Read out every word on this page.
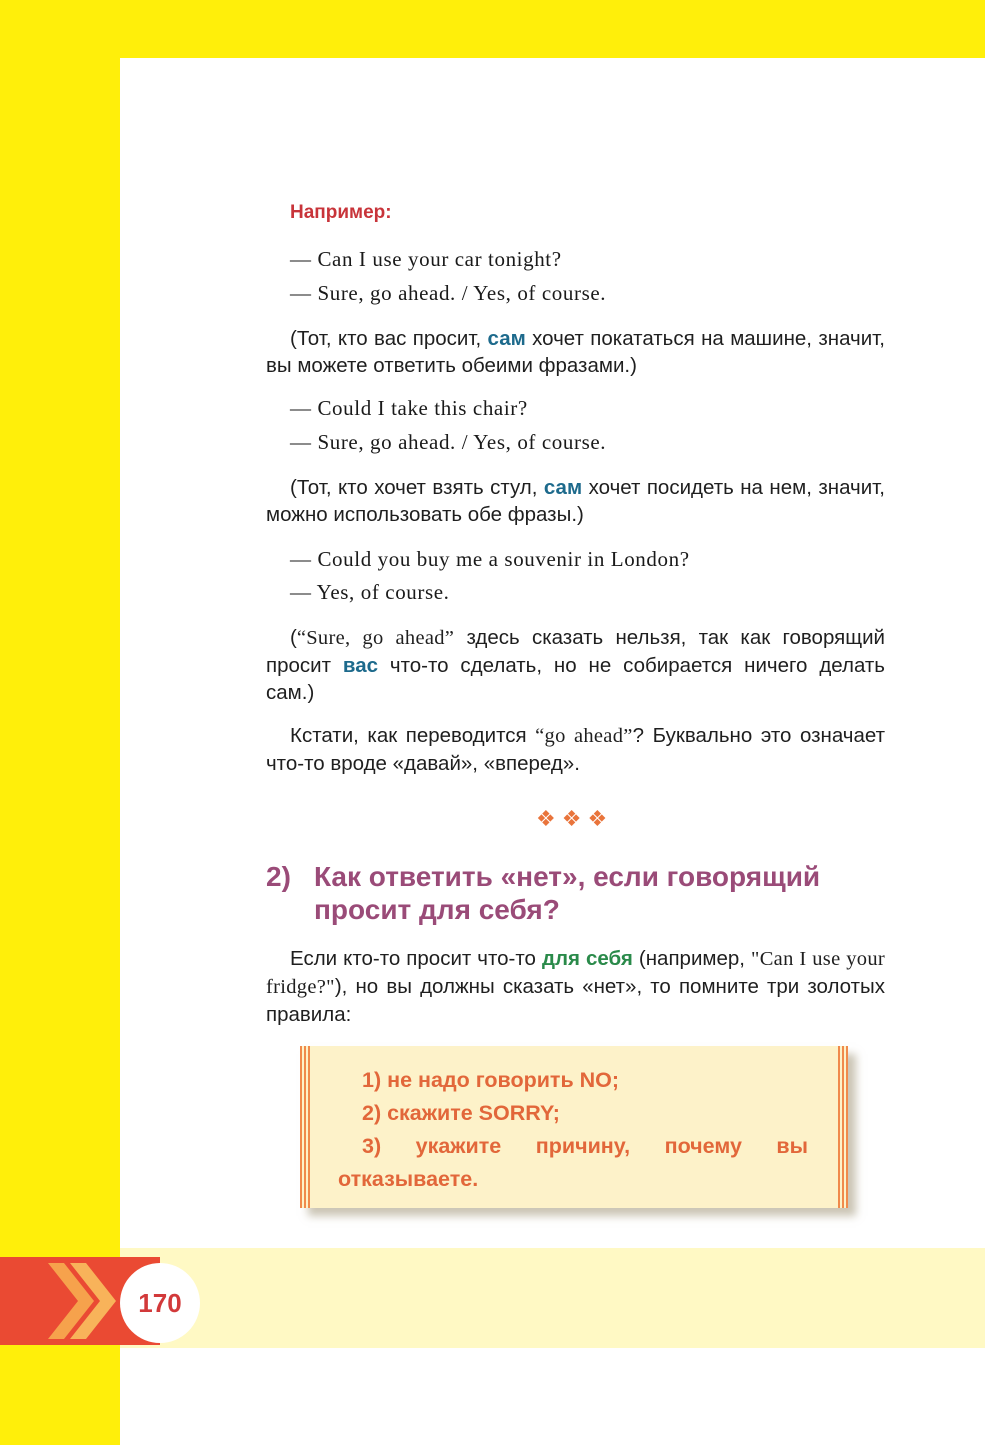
Например:
— Can I use your car tonight?
— Sure, go ahead. / Yes, of course.
(Тот, кто вас просит, сам хочет покататься на машине, значит, вы можете ответить обеими фразами.)
— Could I take this chair?
— Sure, go ahead. / Yes, of course.
(Тот, кто хочет взять стул, сам хочет посидеть на нем, значит, можно использовать обе фразы.)
— Could you buy me a souvenir in London?
— Yes, of course.
(“Sure, go ahead” здесь сказать нельзя, так как говорящий просит вас что-то сделать, но не собирается ничего делать сам.)
Кстати, как переводится “go ahead”? Буквально это означает что-то вроде «давай», «вперед».
❖❖❖
2) Как ответить «нет», если говорящий просит для себя?
Если кто-то просит что-то для себя (например, "Can I use your fridge?"), но вы должны сказать «нет», то помните три золотых правила:
1) не надо говорить NO;
2) скажите SORRY;
3) укажите причину, почему вы отказываете.
170
